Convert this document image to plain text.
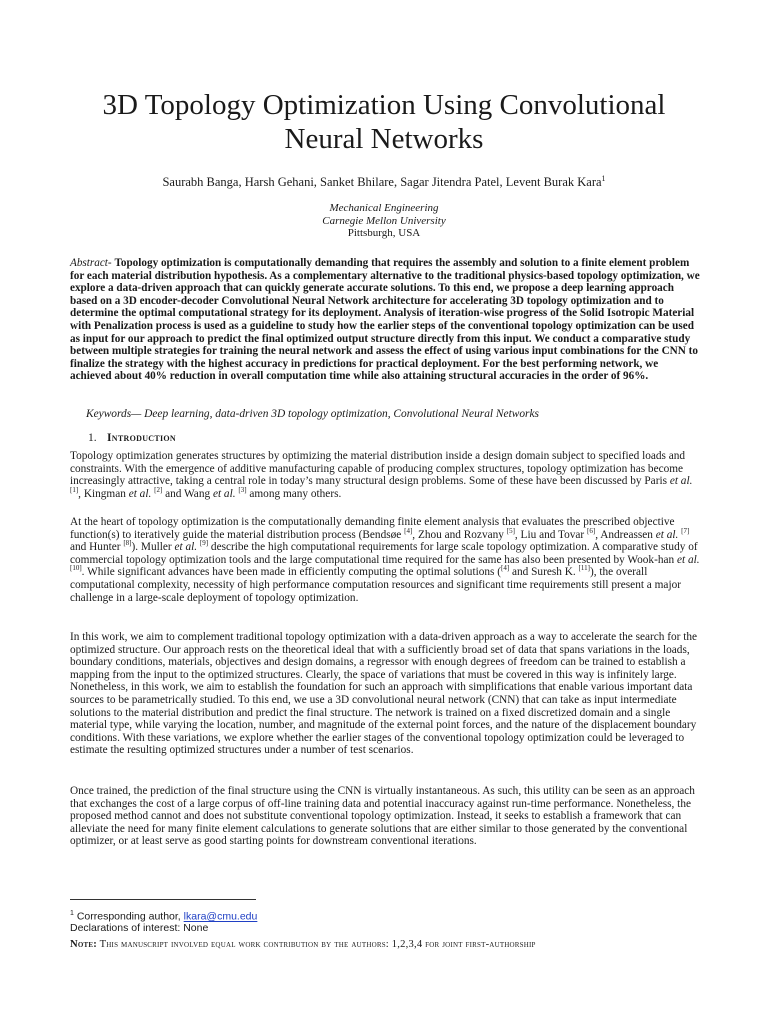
3D Topology Optimization Using Convolutional Neural Networks
Saurabh Banga, Harsh Gehani, Sanket Bhilare, Sagar Jitendra Patel, Levent Burak Kara$^1$
Mechanical Engineering
Carnegie Mellon University
Pittsburgh, USA
Abstract- Topology optimization is computationally demanding that requires the assembly and solution to a finite element problem for each material distribution hypothesis. As a complementary alternative to the traditional physics-based topology optimization, we explore a data-driven approach that can quickly generate accurate solutions. To this end, we propose a deep learning approach based on a 3D encoder-decoder Convolutional Neural Network architecture for accelerating 3D topology optimization and to determine the optimal computational strategy for its deployment. Analysis of iteration-wise progress of the Solid Isotropic Material with Penalization process is used as a guideline to study how the earlier steps of the conventional topology optimization can be used as input for our approach to predict the final optimized output structure directly from this input. We conduct a comparative study between multiple strategies for training the neural network and assess the effect of using various input combinations for the CNN to finalize the strategy with the highest accuracy in predictions for practical deployment. For the best performing network, we achieved about 40% reduction in overall computation time while also attaining structural accuracies in the order of 96%.
Keywords— Deep learning, data-driven 3D topology optimization, Convolutional Neural Networks
1. Introduction
Topology optimization generates structures by optimizing the material distribution inside a design domain subject to specified loads and constraints. With the emergence of additive manufacturing capable of producing complex structures, topology optimization has become increasingly attractive, taking a central role in today’s many structural design problems. Some of these have been discussed by Paris et al. [1], Kingman et al. [2] and Wang et al. [3] among many others.
At the heart of topology optimization is the computationally demanding finite element analysis that evaluates the prescribed objective function(s) to iteratively guide the material distribution process (Bendsøe [4], Zhou and Rozvany [5], Liu and Tovar [6], Andreassen et al. [7] and Hunter [8]). Muller et al. [9] describe the high computational requirements for large scale topology optimization. A comparative study of commercial topology optimization tools and the large computational time required for the same has also been presented by Wook-han et al. [10]. While significant advances have been made in efficiently computing the optimal solutions ([4] and Suresh K. [11]), the overall computational complexity, necessity of high performance computation resources and significant time requirements still present a major challenge in a large-scale deployment of topology optimization.
In this work, we aim to complement traditional topology optimization with a data-driven approach as a way to accelerate the search for the optimized structure. Our approach rests on the theoretical ideal that with a sufficiently broad set of data that spans variations in the loads, boundary conditions, materials, objectives and design domains, a regressor with enough degrees of freedom can be trained to establish a mapping from the input to the optimized structures. Clearly, the space of variations that must be covered in this way is infinitely large. Nonetheless, in this work, we aim to establish the foundation for such an approach with simplifications that enable various important data sources to be parametrically studied. To this end, we use a 3D convolutional neural network (CNN) that can take as input intermediate solutions to the material distribution and predict the final structure. The network is trained on a fixed discretized domain and a single material type, while varying the location, number, and magnitude of the external point forces, and the nature of the displacement boundary conditions. With these variations, we explore whether the earlier stages of the conventional topology optimization could be leveraged to estimate the resulting optimized structures under a number of test scenarios.
Once trained, the prediction of the final structure using the CNN is virtually instantaneous. As such, this utility can be seen as an approach that exchanges the cost of a large corpus of off-line training data and potential inaccuracy against run-time performance. Nonetheless, the proposed method cannot and does not substitute conventional topology optimization. Instead, it seeks to establish a framework that can alleviate the need for many finite element calculations to generate solutions that are either similar to those generated by the conventional optimizer, or at least serve as good starting points for downstream conventional iterations.
$^1$ Corresponding author, lkara@cmu.edu
Declarations of interest: None
Note: This manuscript involved equal work contribution by the authors: 1,2,3,4 for joint first-authorship
